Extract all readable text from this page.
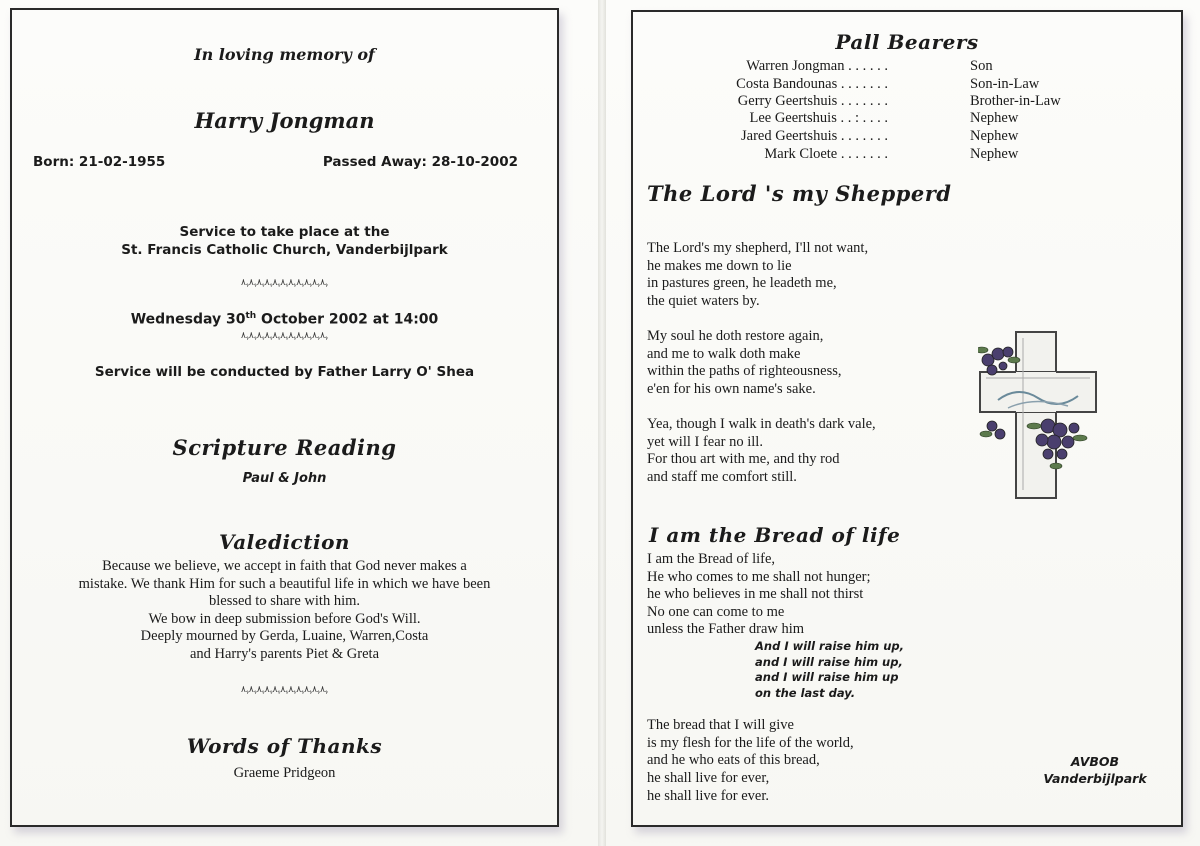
In loving memory of
Harry Jongman
Born: 21-02-1955	Passed Away: 28-10-2002
Service to take place at the
St. Francis Catholic Church, Vanderbijlpark
ﮩ٨ﮩ٨ﮩ٨ﮩ٨ﮩ٨ﮩ٨ﮩ٨ﮩ٨ﮩ٨ﮩ٨ﮩ٨
Wednesday 30th October 2002 at 14:00
ﮩ٨ﮩ٨ﮩ٨ﮩ٨ﮩ٨ﮩ٨ﮩ٨ﮩ٨ﮩ٨ﮩ٨ﮩ٨
Service will be conducted by Father Larry O' Shea
Scripture Reading
Paul & John
Valediction
Because we believe, we accept in faith that God never makes a
mistake. We thank Him for such a beautiful life in which we have been
blessed to share with him.
We bow in deep submission before God's Will.
Deeply mourned by Gerda, Luaine, Warren,Costa
and Harry's parents Piet & Greta
ﮩ٨ﮩ٨ﮩ٨ﮩ٨ﮩ٨ﮩ٨ﮩ٨ﮩ٨ﮩ٨ﮩ٨ﮩ٨
Words of Thanks
Graeme Pridgeon
Pall Bearers
Warren Jongman . . . . . .	Son
Costa Bandounas . . . . . . .	Son-in-Law
Gerry Geertshuis . . . . . . .	Brother-in-Law
Lee Geertshuis . . : . . . .	Nephew
Jared Geertshuis . . . . . . .	Nephew
Mark Cloete . . . . . . .	Nephew
The Lord 's my Shepperd
The Lord's my shepherd, I'll not want,
he makes me down to lie
in pastures green, he leadeth me,
the quiet waters by.
My soul he doth restore again,
and me to walk doth make
within the paths of righteousness,
e'en for his own name's sake.
Yea, though I walk in death's dark vale,
yet will I fear no ill.
For thou art with me, and thy rod
and staff me comfort still.
I am the Bread of life
I am the Bread of life,
He who comes to me shall not hunger;
he who believes in me shall not thirst
No one can come to me
unless the Father draw him
And I will raise him up,
and I will raise him up,
and I will raise him up
on the last day.
The bread that I will give
is my flesh for the life of the world,
and he who eats of this bread,
he shall live for ever,
he shall live for ever.
AVBOB
Vanderbijlpark
